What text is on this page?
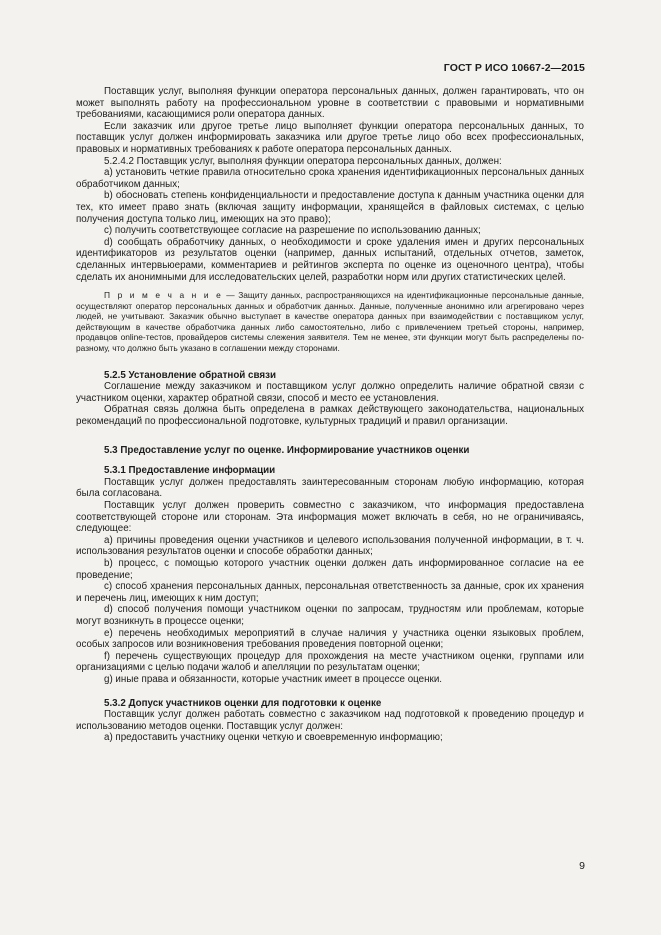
ГОСТ Р ИСО 10667-2—2015

Поставщик услуг, выполняя функции оператора персональных данных, должен гарантировать, что он может выполнять работу на профессиональном уровне в соответствии с правовыми и нормативными требованиями, касающимися роли оператора данных.

Если заказчик или другое третье лицо выполняет функции оператора персональных данных, то поставщик услуг должен информировать заказчика или другое третье лицо обо всех профессиональных, правовых и нормативных требованиях к работе оператора персональных данных.

5.2.4.2 Поставщик услуг, выполняя функции оператора персональных данных, должен:

a) установить четкие правила относительно срока хранения идентификационных персональных данных обработчиком данных;

b) обосновать степень конфиденциальности и предоставление доступа к данным участника оценки для тех, кто имеет право знать (включая защиту информации, хранящейся в файловых системах, с целью получения доступа только лиц, имеющих на это право);

c) получить соответствующее согласие на разрешение по использованию данных;

d) сообщать обработчику данных, о необходимости и сроке удаления имен и других персональных идентификаторов из результатов оценки (например, данных испытаний, отдельных отчетов, заметок, сделанных интервьюерами, комментариев и рейтингов эксперта по оценке из оценочного центра), чтобы сделать их анонимными для исследовательских целей, разработки норм или других статистических целей.

П р и м е ч а н и е — Защиту данных, распространяющихся на идентификационные персональные данные, осуществляют оператор персональных данных и обработчик данных. Данные, полученные анонимно или агрегировано через людей, не учитывают. Заказчик обычно выступает в качестве оператора данных при взаимодействии с поставщиком услуг, действующим в качестве обработчика данных либо самостоятельно, либо с привлечением третьей стороны, например, продавцов online-тестов, провайдеров системы слежения заявителя. Тем не менее, эти функции могут быть распределены по-разному, что должно быть указано в соглашении между сторонами.

5.2.5 Установление обратной связи

Соглашение между заказчиком и поставщиком услуг должно определить наличие обратной связи с участником оценки, характер обратной связи, способ и место ее установления.

Обратная связь должна быть определена в рамках действующего законодательства, национальных рекомендаций по профессиональной подготовке, культурных традиций и правил организации.

5.3 Предоставление услуг по оценке. Информирование участников оценки
5.3.1 Предоставление информации

Поставщик услуг должен предоставлять заинтересованным сторонам любую информацию, которая была согласована.

Поставщик услуг должен проверить совместно с заказчиком, что информация предоставлена соответствующей стороне или сторонам. Эта информация может включать в себя, но не ограничиваясь, следующее:

a) причины проведения оценки участников и целевого использования полученной информации, в т. ч. использования результатов оценки и способе обработки данных;

b) процесс, с помощью которого участник оценки должен дать информированное согласие на ее проведение;

c) способ хранения персональных данных, персональная ответственность за данные, срок их хранения и перечень лиц, имеющих к ним доступ;

d) способ получения помощи участником оценки по запросам, трудностям или проблемам, которые могут возникнуть в процессе оценки;

e) перечень необходимых мероприятий в случае наличия у участника оценки языковых проблем, особых запросов или возникновения требования проведения повторной оценки;

f) перечень существующих процедур для прохождения на месте участником оценки, группами или организациями с целью подачи жалоб и апелляции по результатам оценки;

g) иные права и обязанности, которые участник имеет в процессе оценки.

5.3.2 Допуск участников оценки для подготовки к оценке

Поставщик услуг должен работать совместно с заказчиком над подготовкой к проведению процедур и использованию методов оценки. Поставщик услуг должен:

a) предоставить участнику оценки четкую и своевременную информацию;

9
